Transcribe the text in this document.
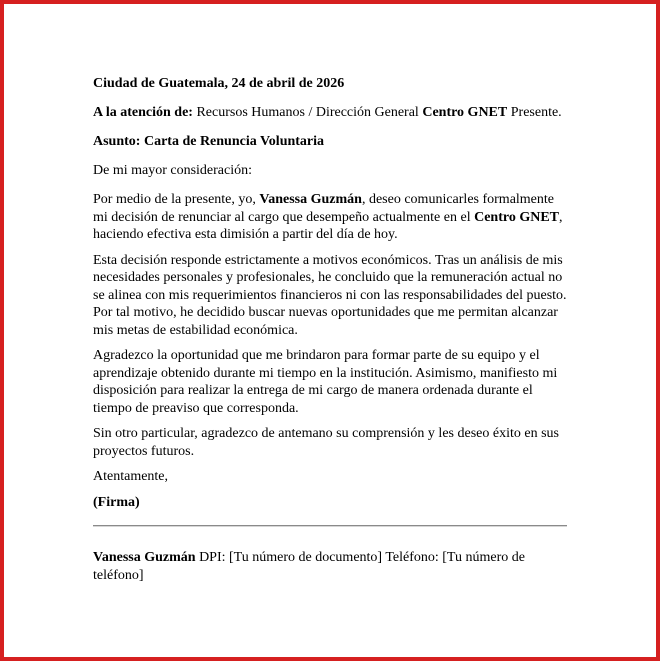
Ciudad de Guatemala, 24 de abril de 2026

A la atención de: Recursos Humanos / Dirección General Centro GNET Presente.

Asunto: Carta de Renuncia Voluntaria

De mi mayor consideración:

Por medio de la presente, yo, Vanessa Guzmán, deseo comunicarles formalmente mi decisión de renunciar al cargo que desempeño actualmente en el Centro GNET, haciendo efectiva esta dimisión a partir del día de hoy.

Esta decisión responde estrictamente a motivos económicos. Tras un análisis de mis necesidades personales y profesionales, he concluido que la remuneración actual no se alinea con mis requerimientos financieros ni con las responsabilidades del puesto. Por tal motivo, he decidido buscar nuevas oportunidades que me permitan alcanzar mis metas de estabilidad económica.

Agradezco la oportunidad que me brindaron para formar parte de su equipo y el aprendizaje obtenido durante mi tiempo en la institución. Asimismo, manifiesto mi disposición para realizar la entrega de mi cargo de manera ordenada durante el tiempo de preaviso que corresponda.

Sin otro particular, agradezco de antemano su comprensión y les deseo éxito en sus proyectos futuros.

Atentamente,

(Firma)

Vanessa Guzmán DPI: [Tu número de documento] Teléfono: [Tu número de teléfono]
